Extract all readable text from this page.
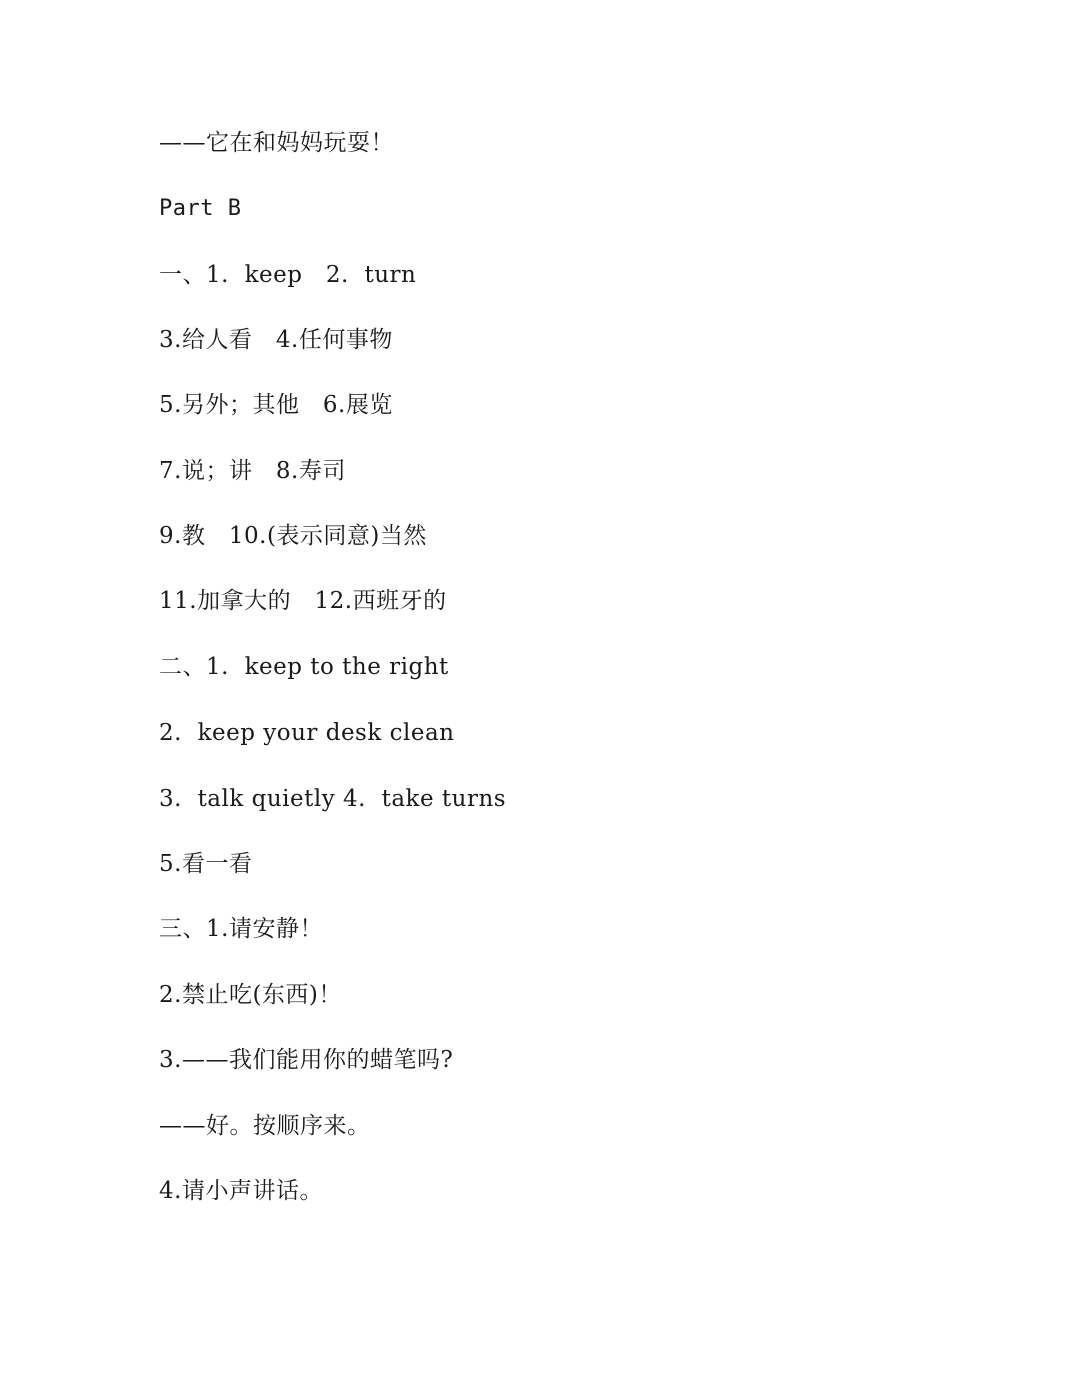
——它在和妈妈玩耍！
Part B
一、1.  keep   2.  turn
3.给人看   4.任何事物
5.另外；其他   6.展览
7.说；讲   8.寿司
9.教   10.(表示同意)当然
11.加拿大的   12.西班牙的
二、1.  keep to the right
2.  keep your desk clean
3.  talk quietly 4.  take turns
5.看一看
三、1.请安静！
2.禁止吃(东西)！
3.——我们能用你的蜡笔吗?
——好。按顺序来。
4.请小声讲话。
